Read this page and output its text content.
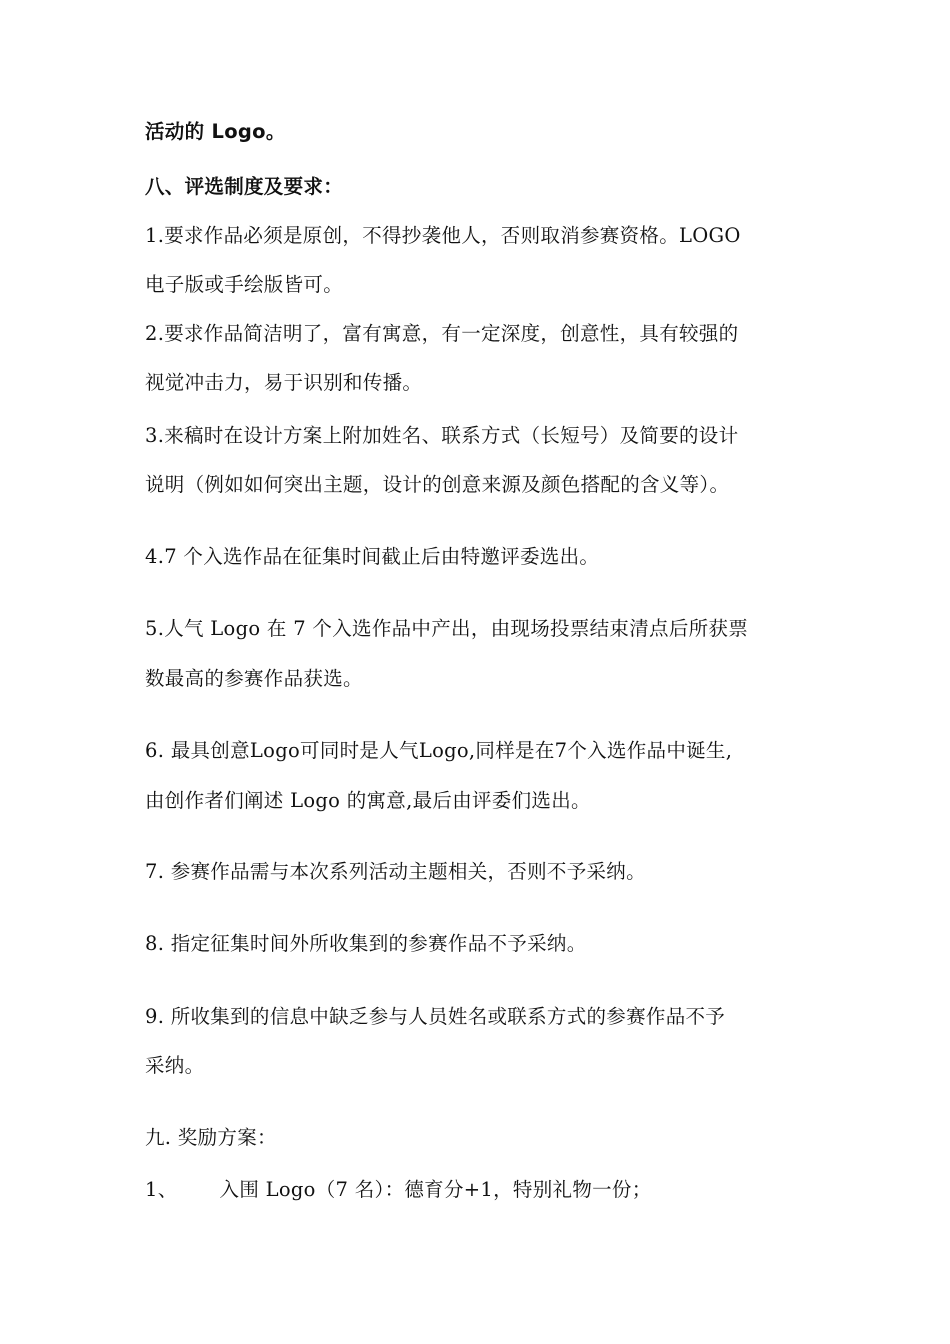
活动的 Logo。
八、评选制度及要求：
1.要求作品必须是原创，不得抄袭他人，否则取消参赛资格。LOGO
电子版或手绘版皆可。
2.要求作品简洁明了，富有寓意，有一定深度，创意性，具有较强的
视觉冲击力，易于识别和传播。
3.来稿时在设计方案上附加姓名、联系方式（长短号）及简要的设计
说明（例如如何突出主题，设计的创意来源及颜色搭配的含义等）。
4.7 个入选作品在征集时间截止后由特邀评委选出。
5.人气 Logo 在 7 个入选作品中产出，由现场投票结束清点后所获票
数最高的参赛作品获选。
6. 最具创意Logo可同时是人气Logo,同样是在7个入选作品中诞生,
由创作者们阐述 Logo 的寓意,最后由评委们选出。
7. 参赛作品需与本次系列活动主题相关，否则不予采纳。
8. 指定征集时间外所收集到的参赛作品不予采纳。
9. 所收集到的信息中缺乏参与人员姓名或联系方式的参赛作品不予
采纳。
九. 奖励方案：
1、 入围 Logo（7 名）：德育分+1，特别礼物一份；
